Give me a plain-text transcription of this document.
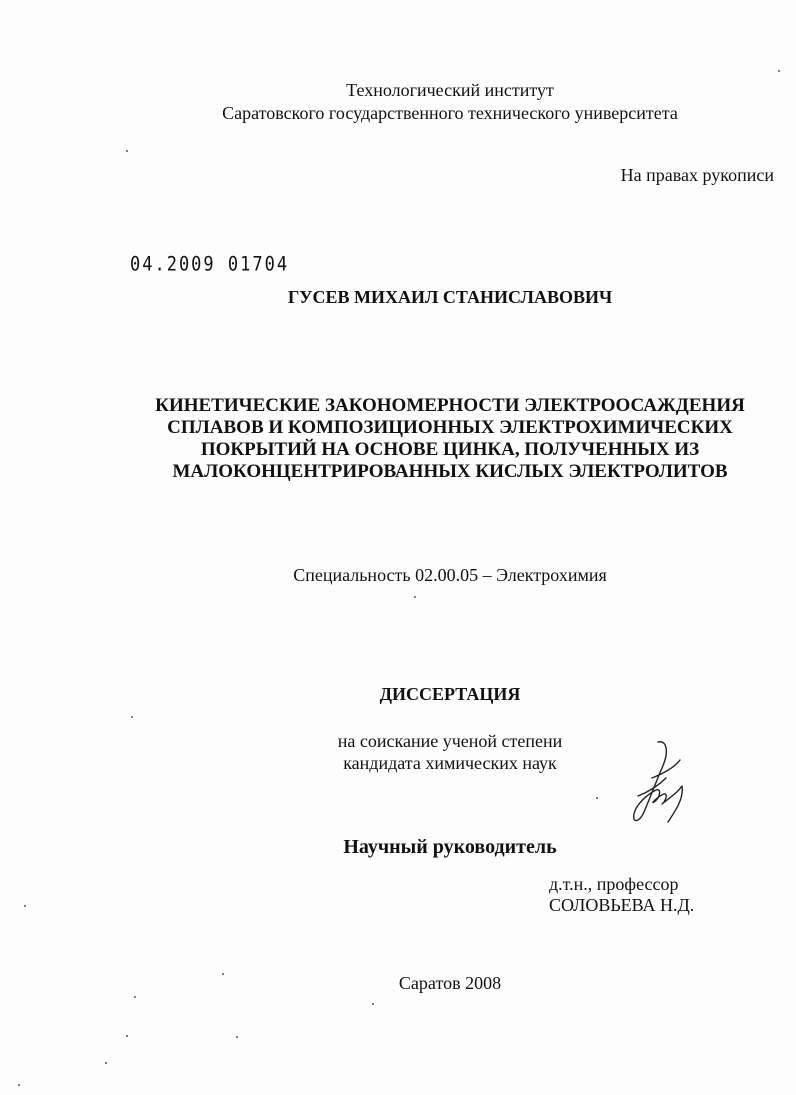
Технологический институт
Саратовского государственного технического университета
На правах рукописи
04.2009 01704
ГУСЕВ МИХАИЛ СТАНИСЛАВОВИЧ
КИНЕТИЧЕСКИЕ ЗАКОНОМЕРНОСТИ ЭЛЕКТРООСАЖДЕНИЯ
СПЛАВОВ И КОМПОЗИЦИОННЫХ ЭЛЕКТРОХИМИЧЕСКИХ
ПОКРЫТИЙ НА ОСНОВЕ ЦИНКА, ПОЛУЧЕННЫХ ИЗ
МАЛОКОНЦЕНТРИРОВАННЫХ КИСЛЫХ ЭЛЕКТРОЛИТОВ
Специальность 02.00.05 – Электрохимия
ДИССЕРТАЦИЯ
на соискание ученой степени
кандидата химических наук
Научный руководитель
д.т.н., профессор
СОЛОВЬЕВА Н.Д.
Саратов 2008
